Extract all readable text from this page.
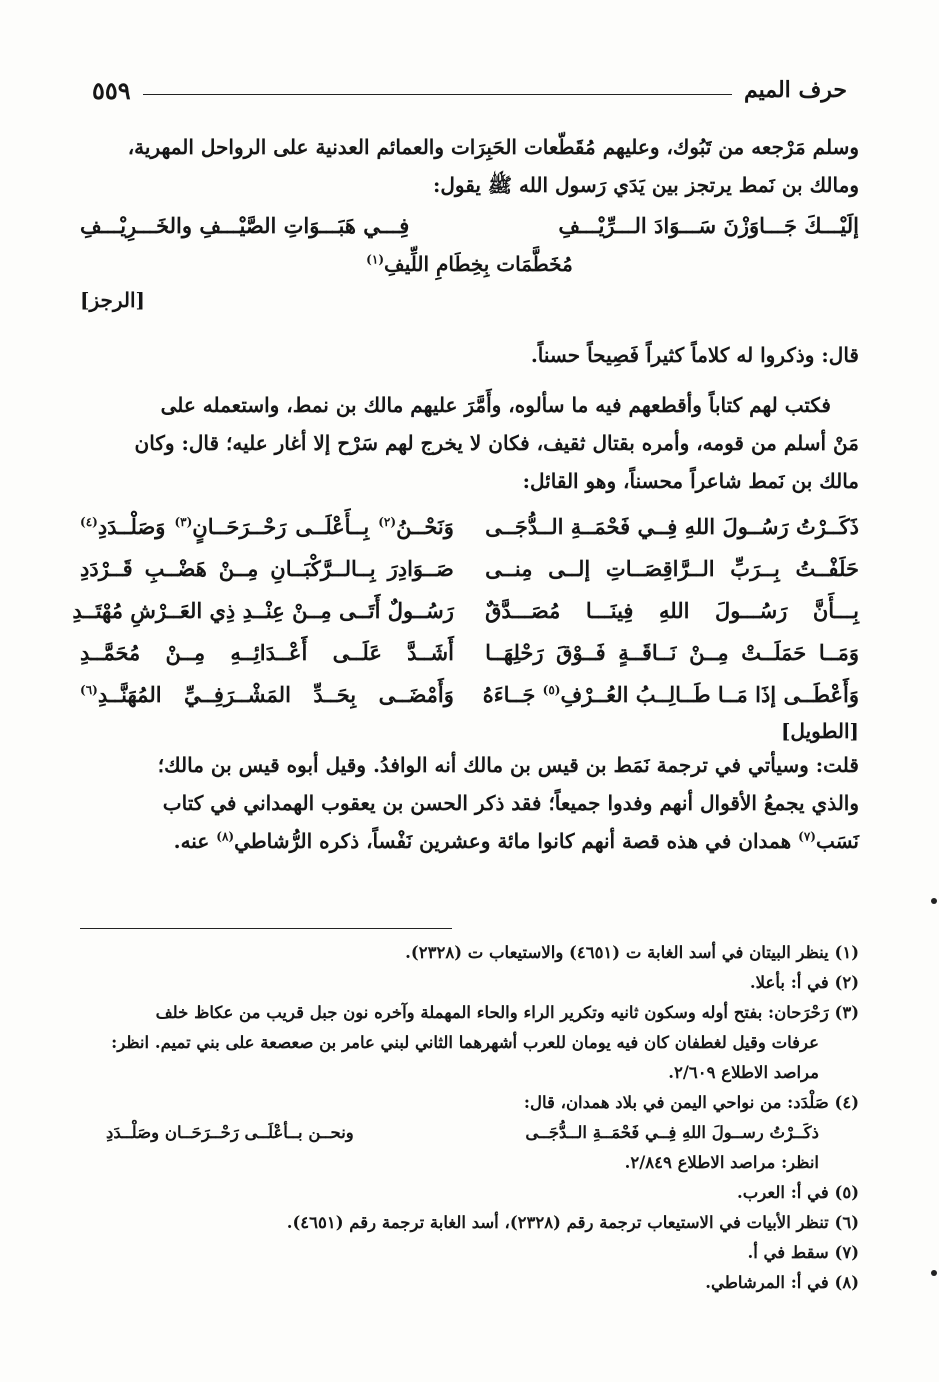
حرف الميم
٥٥٩

وسلم مَرْجعه من تَبُوك، وعليهم مُقَطّعات الحَبِرَات والعمائم العدنية على الرواحل المهرية،

ومالك بن نَمط يرتجز بين يَدَي رَسول الله ﷺ يقول:

إلَيْـــكَ جَـــاوَزْنَ سَـــوَادَ الـــرِّيْـــفِ
فِـــي هَبَـــوَاتِ الصَّيْـــفِ والخَـــرِيْـــفِ

مُخَطَّمَات بِخِطَامِ اللِّيفِ$^{(١)}$

[الرجز]

قال: وذكروا له كلاماً كثيراً فَصِيحاً حسناً.

فكتب لهم كتاباً وأقطعهم فيه ما سألوه، وأَمَّرَ عليهم مالك بن نمط، واستعمله على

مَنْ أسلم من قومه، وأمره بقتال ثقيف، فكان لا يخرج لهم سَرْح إلا أغار عليه؛ قال: وكان

مالك بن نَمط شاعراً محسناً، وهو القائل:

ذَكَــرْتُ رَسُــولَ اللهِ فِــي فَحْمَــةِ الــدُّجَــى
حَلَفْــتُ بِــرَبِّ الــرَّاقِصَــاتِ إلــى مِنــى
بِـــأَنَّ رَسُـــولَ اللهِ فِينَـــا مُصَـــدَّقٌ
وَمَــا حَمَلَــتْ مِــنْ نَــاقَــةٍ فَــوْقَ رَحْلِهَــا
وَأَعْطَــى إذَا مَــا طَــالِــبُ العُــرْفِ$^{(٥)}$ جَــاءَهُ
وَنَحْــنُ$^{(٢)}$ بِــأَعْلَــى رَحْــرَحَــانٍ$^{(٣)}$ وَصَلْــدَدِ$^{(٤)}$
صَــوَادِرَ بِــالــرَّكْبَــانِ مِــنْ هَضْــبِ قَــرْدَدِ
رَسُــولٌ أَتَــى مِــنْ عِنْــدِ ذِي العَــرْشِ مُهْتَــدِ
أَشَــدَّ عَلَــى أَعْــدَائِــهِ مِــنْ مُحَمَّــدِ
وَأَمْضَــى بِحَــدِّ المَشْــرَفِــيِّ المُهَنَّــدِ$^{(٦)}$
[الطويل]

قلت: وسيأتي في ترجمة نَمَط بن قيس بن مالك أنه الوافدُ. وقيل أبوه قيس بن مالك؛

والذي يجمعُ الأقوال أنهم وفدوا جميعاً؛ فقد ذكر الحسن بن يعقوب الهمداني في كتاب

نَسَب$^{(٧)}$ همدان في هذه قصة أنهم كانوا مائة وعشرين نَفْساً، ذكره الرُّشاطي$^{(٨)}$ عنه.

(١) ينظر البيتان في أسد الغابة ت (٤٦٥١) والاستيعاب ت (٢٣٢٨).

(٢) في أ: بأعلا.

(٣) رَحْرَحان: بفتح أوله وسكون ثانيه وتكرير الراء والحاء المهملة وآخره نون جبل قريب من عكاظ خلف

عرفات وقيل لغطفان كان فيه يومان للعرب أشهرهما الثاني لبني عامر بن صعصعة على بني تميم. انظر:

مراصد الاطلاع ٢/٦٠٩.

(٤) صَلْدَد: من نواحي اليمن في بلاد همدان، قال:

ذكَــرْتُ رســولَ اللهِ فِــي فَحْمَــةِ الــدُّجَــى
ونحــن بــأعْلَــى رَحْــرَحَــان وصَلْــدَدِ

انظر: مراصد الاطلاع ٢/٨٤٩.

(٥) في أ: العرب.

(٦) تنظر الأبيات في الاستيعاب ترجمة رقم (٢٣٢٨)، أسد الغابة ترجمة رقم (٤٦٥١).

(٧) سقط في أ.

(٨) في أ: المرشاطي.
